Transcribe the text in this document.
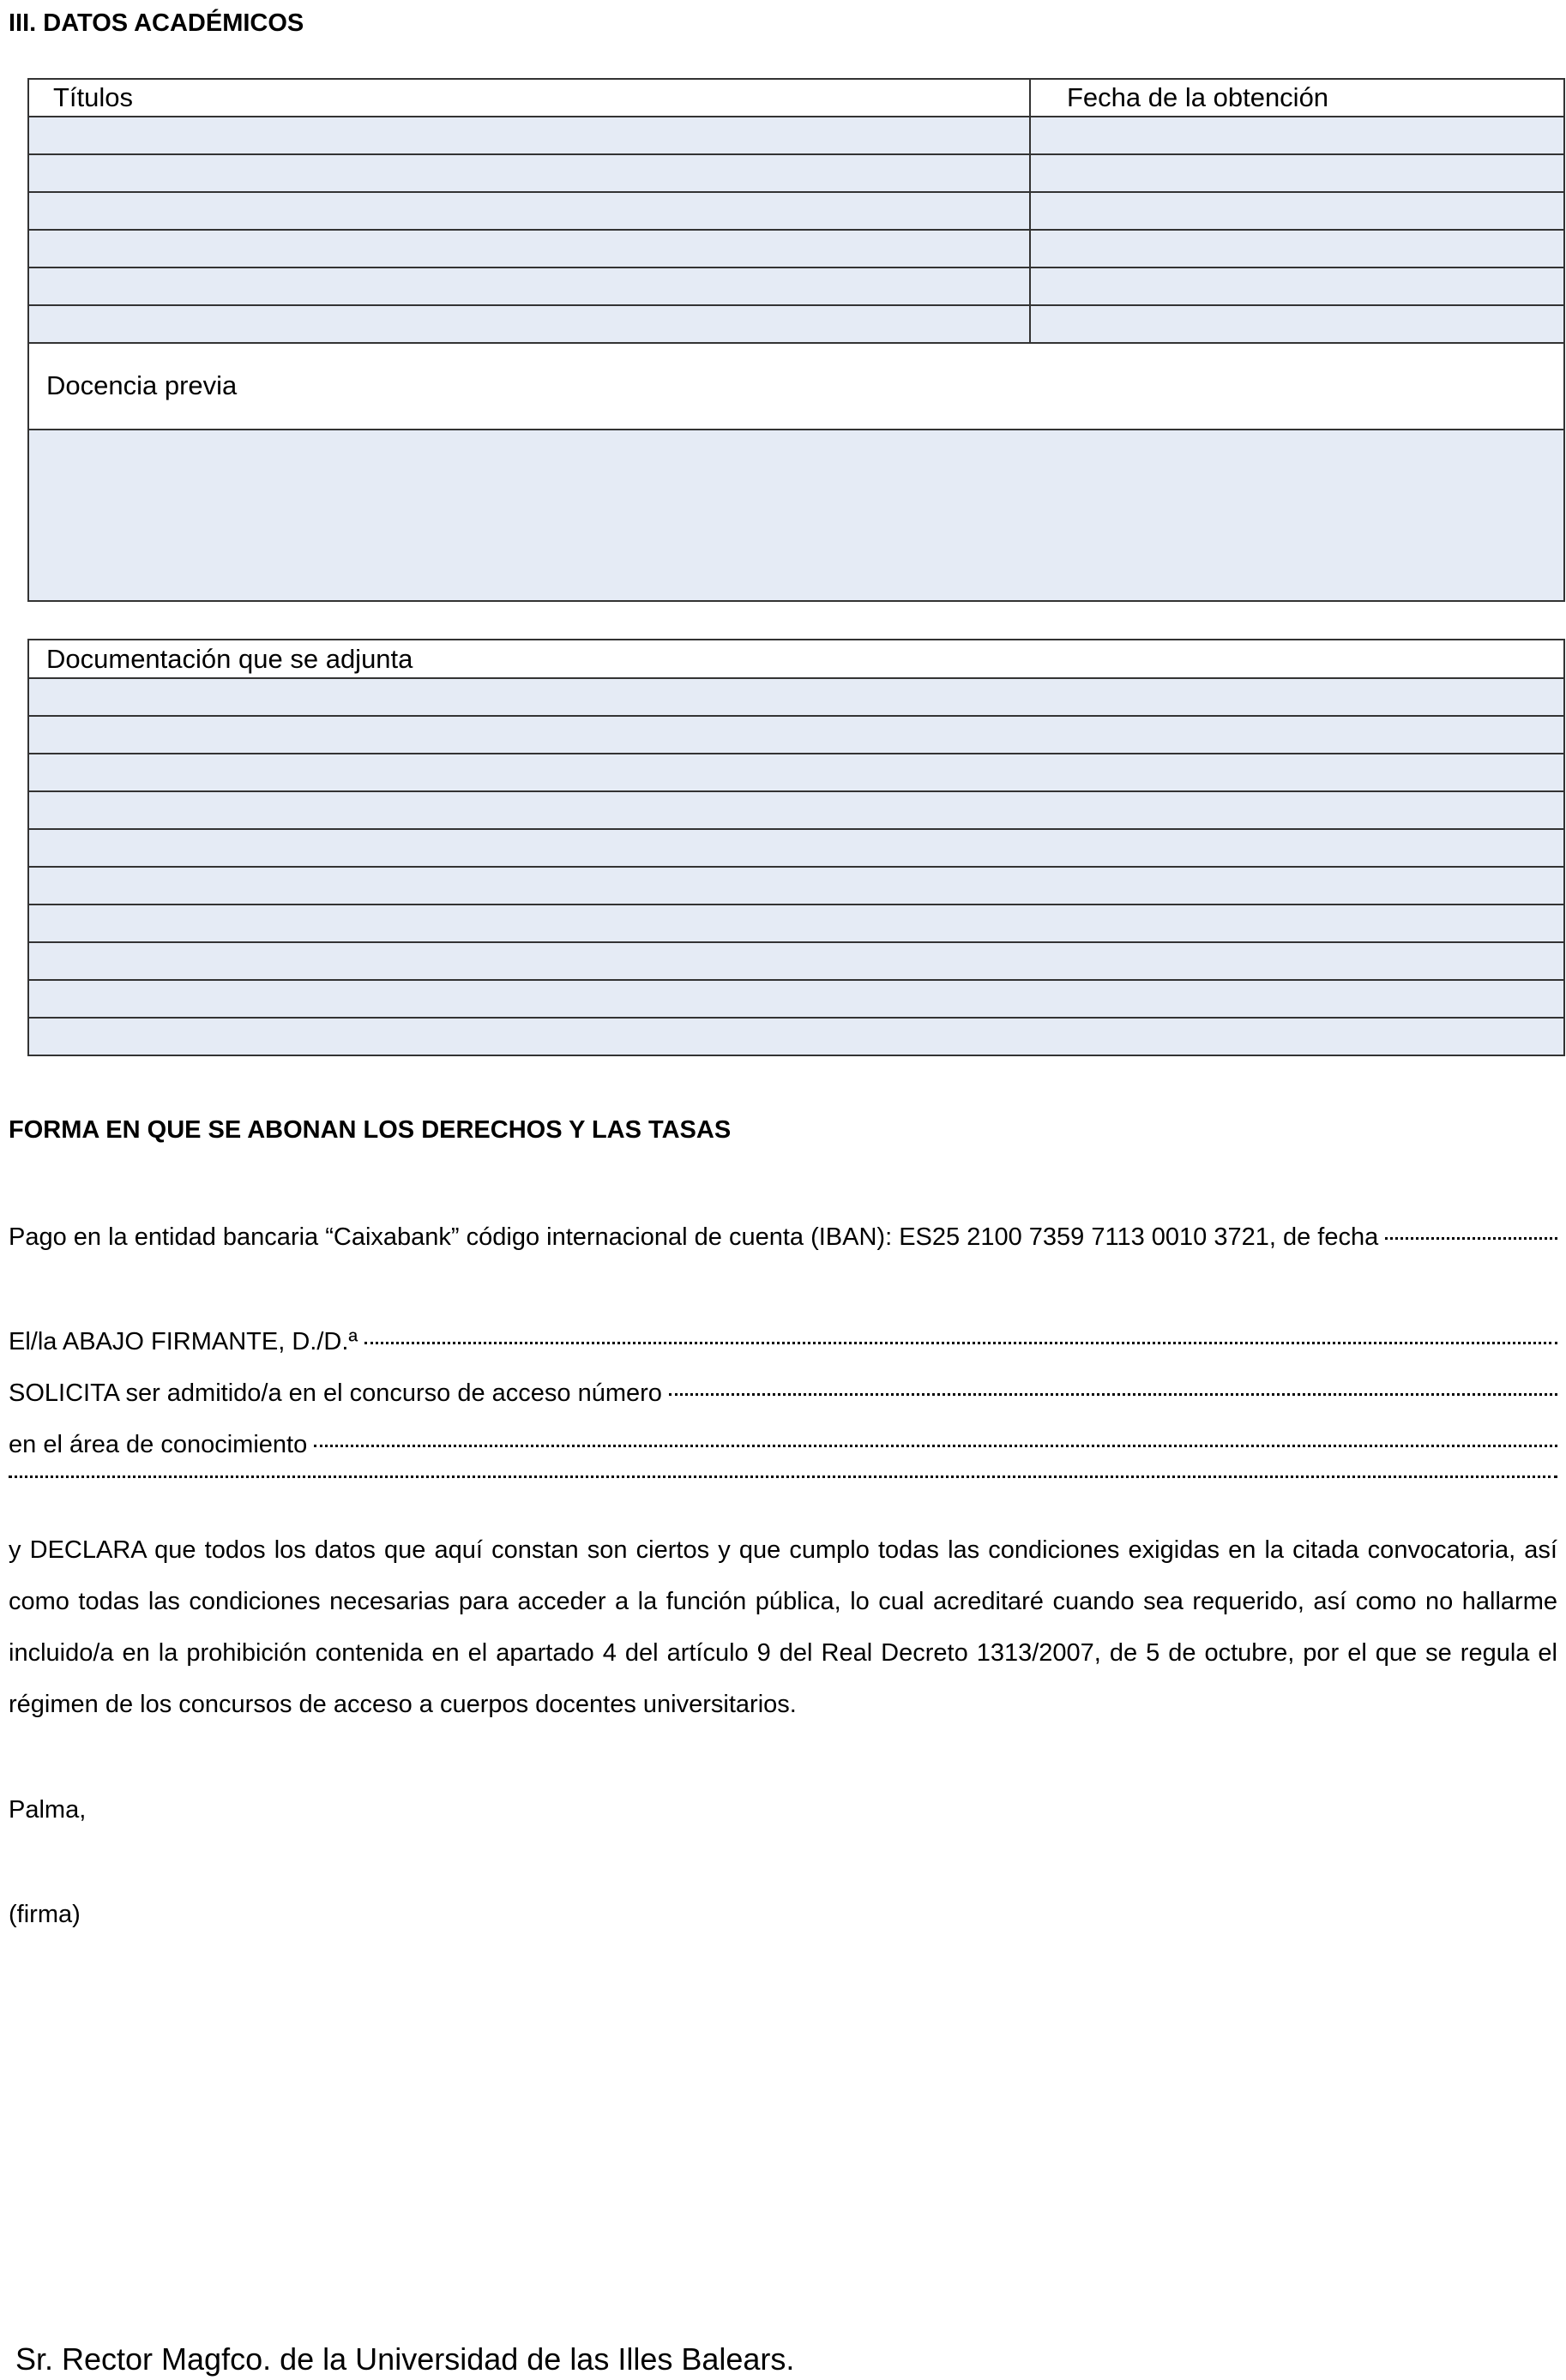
III. DATOS ACADÉMICOS
Títulos	Fecha de la obtención
Docencia previa
Documentación que se adjunta
FORMA EN QUE SE ABONAN LOS DERECHOS Y LAS TASAS
Pago en la entidad bancaria “Caixabank” código internacional de cuenta (IBAN): ES25 2100 7359 7113 0010 3721, de fecha
El/la ABAJO FIRMANTE, D./D.ª
SOLICITA ser admitido/a en el concurso de acceso número
en el área de conocimiento
y DECLARA que todos los datos que aquí constan son ciertos y que cumplo todas las condiciones exigidas en la citada convocatoria, así como todas las condiciones necesarias para acceder a la función pública, lo cual acreditaré cuando sea requerido, así como no hallarme incluido/a en la prohibición contenida en el apartado 4 del artículo 9 del Real Decreto 1313/2007, de 5 de octubre, por el que se regula el régimen de los concursos de acceso a cuerpos docentes universitarios.
Palma,
(firma)
Sr. Rector Magfco. de la Universidad de las Illes Balears.
